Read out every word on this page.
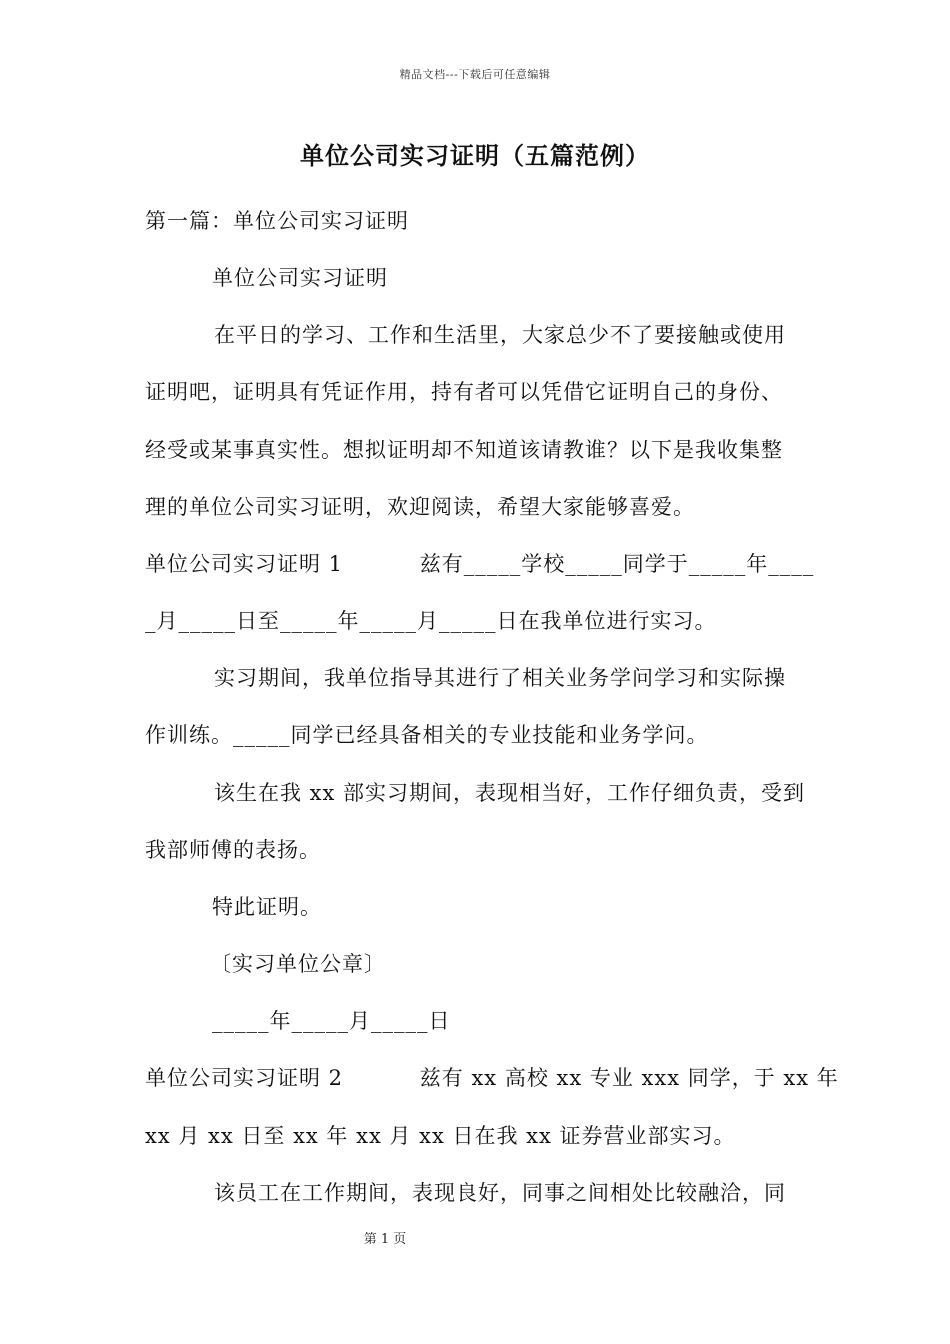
精品文档---下载后可任意编辑
单位公司实习证明（五篇范例）
第一篇：单位公司实习证明
单位公司实习证明
在平日的学习、工作和生活里，大家总少不了要接触或使用
证明吧，证明具有凭证作用，持有者可以凭借它证明自己的身份、
经受或某事真实性。想拟证明却不知道该请教谁？以下是我收集整
理的单位公司实习证明，欢迎阅读，希望大家能够喜爱。
单位公司实习证明 1          兹有_____学校_____同学于_____年____
_月_____日至_____年_____月_____日在我单位进行实习。
实习期间，我单位指导其进行了相关业务学问学习和实际操
作训练。_____同学已经具备相关的专业技能和业务学问。
该生在我 xx 部实习期间，表现相当好，工作仔细负责，受到
我部师傅的表扬。
特此证明。
〔实习单位公章〕
_____年_____月_____日
单位公司实习证明 2          兹有 xx 高校 xx 专业 xxx 同学，于 xx 年
xx 月 xx 日至 xx 年 xx 月 xx 日在我 xx 证券营业部实习。
该员工在工作期间，表现良好，同事之间相处比较融洽，同
第 1 页
